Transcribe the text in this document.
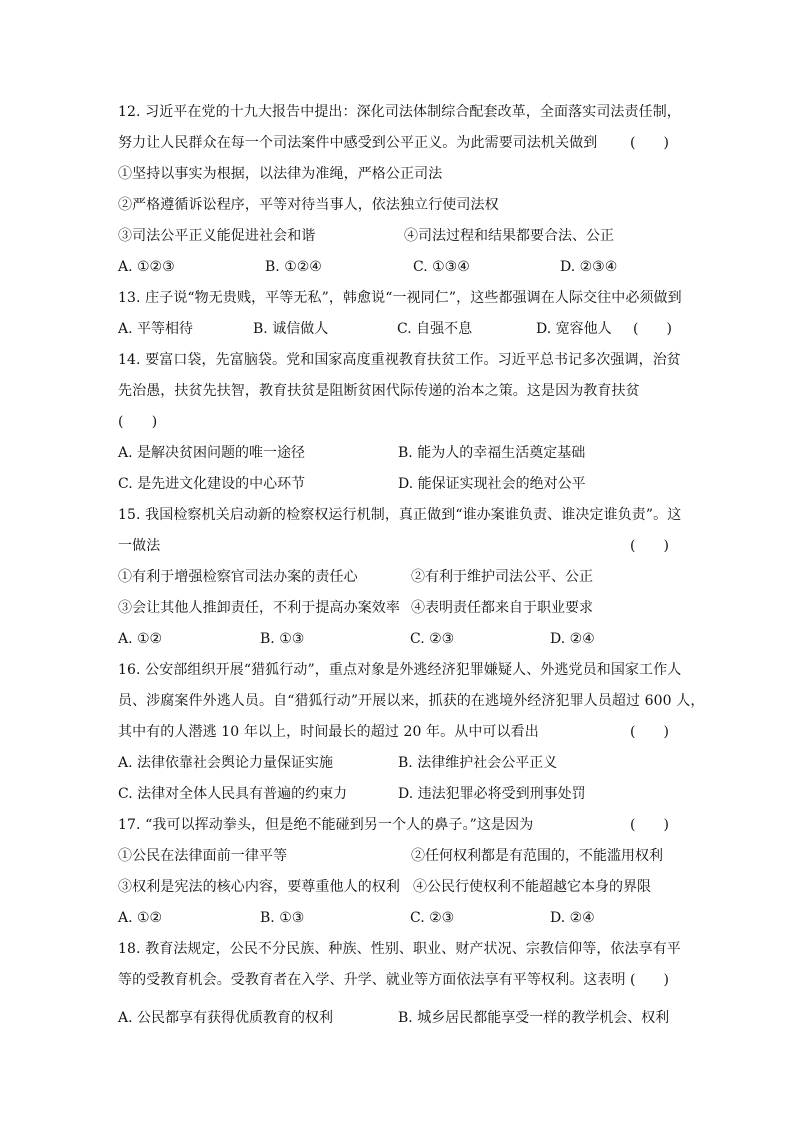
12. 习近平在党的十九大报告中提出：深化司法体制综合配套改革，全面落实司法责任制，
努力让人民群众在每一个司法案件中感受到公平正义。为此需要司法机关做到 (　　)
①坚持以事实为根据，以法律为准绳，严格公正司法
②严格遵循诉讼程序，平等对待当事人，依法独立行使司法权
③司法公平正义能促进社会和谐	④司法过程和结果都要合法、公正
A. ①②③	B. ①②④	C. ①③④	D. ②③④
13. 庄子说“物无贵贱，平等无私”，韩愈说“一视同仁”，这些都强调在人际交往中必须做到
A. 平等相待	B. 诚信做人	C. 自强不息	D. 宽容他人 (　　)
14. 要富口袋，先富脑袋。党和国家高度重视教育扶贫工作。习近平总书记多次强调，治贫
先治愚，扶贫先扶智，教育扶贫是阻断贫困代际传递的治本之策。这是因为教育扶贫
(　　)
A. 是解决贫困问题的唯一途径	B. 能为人的幸福生活奠定基础
C. 是先进文化建设的中心环节	D. 能保证实现社会的绝对公平
15. 我国检察机关启动新的检察权运行机制，真正做到“谁办案谁负责、谁决定谁负责”。这
一做法	(　　)
①有利于增强检察官司法办案的责任心	②有利于维护司法公平、公正
③会让其他人推卸责任，不利于提高办案效率 ④表明责任都来自于职业要求
A. ①②	B. ①③	C. ②③	D. ②④
16. 公安部组织开展“猎狐行动”，重点对象是外逃经济犯罪嫌疑人、外逃党员和国家工作人
员、涉腐案件外逃人员。自“猎狐行动”开展以来，抓获的在逃境外经济犯罪人员超过 600 人，
其中有的人潜逃 10 年以上，时间最长的超过 20 年。从中可以看出	(　　)
A. 法律依靠社会舆论力量保证实施	B. 法律维护社会公平正义
C. 法律对全体人民具有普遍的约束力	D. 违法犯罪必将受到刑事处罚
17. “我可以挥动拳头，但是绝不能碰到另一个人的鼻子。”这是因为	(　　)
①公民在法律面前一律平等	②任何权利都是有范围的，不能滥用权利
③权利是宪法的核心内容，要尊重他人的权利 ④公民行使权利不能超越它本身的界限
A. ①②	B. ①③	C. ②③	D. ②④
18. 教育法规定，公民不分民族、种族、性别、职业、财产状况、宗教信仰等，依法享有平
等的受教育机会。受教育者在入学、升学、就业等方面依法享有平等权利。这表明 (　　)
A. 公民都享有获得优质教育的权利	B. 城乡居民都能享受一样的教学机会、权利
